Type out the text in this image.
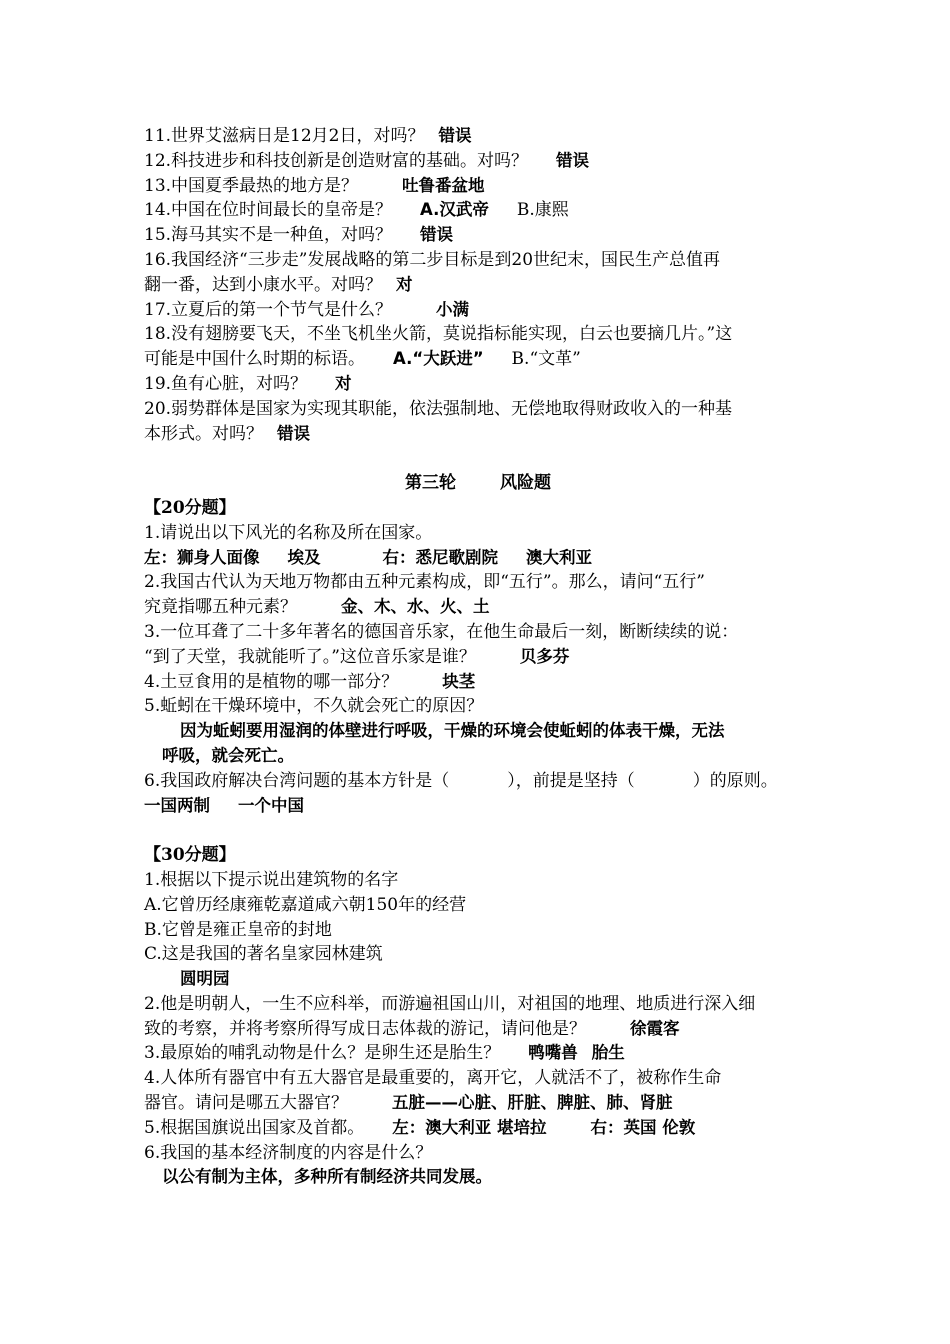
11.世界艾滋病日是12月2日，对吗？ 错误
12.科技进步和科技创新是创造财富的基础。对吗？ 错误
13.中国夏季最热的地方是？	吐鲁番盆地
14.中国在位时间最长的皇帝是？ A.汉武帝 B.康熙
15.海马其实不是一种鱼，对吗？ 错误
16.我国经济“三步走”发展战略的第二步目标是到20世纪末，国民生产总值再
翻一番，达到小康水平。对吗？ 对
17.立夏后的第一个节气是什么？	小满
18.没有翅膀要飞天，不坐飞机坐火箭，莫说指标能实现，白云也要摘几片。”这
可能是中国什么时期的标语。 A.“大跃进” B.“文革”
19.鱼有心脏，对吗？ 对
20.弱势群体是国家为实现其职能，依法强制地、无偿地取得财政收入的一种基
本形式。对吗？ 错误
第三轮	风险题
【20分题】
1.请说出以下风光的名称及所在国家。
左：狮身人面像 埃及	右：悉尼歌剧院 澳大利亚
2.我国古代认为天地万物都由五种元素构成，即“五行”。那么，请问“五行”
究竟指哪五种元素？	金、木、水、火、土
3.一位耳聋了二十多年著名的德国音乐家，在他生命最后一刻，断断续续的说：
“到了天堂，我就能听了。”这位音乐家是谁？	贝多芬
4.土豆食用的是植物的哪一部分？	块茎
5.蚯蚓在干燥环境中，不久就会死亡的原因？
因为蚯蚓要用湿润的体壁进行呼吸，干燥的环境会使蚯蚓的体表干燥，无法
呼吸，就会死亡。
6.我国政府解决台湾问题的基本方针是（	），前提是坚持（	）的原则。
一国两制 一个中国
【30分题】
1.根据以下提示说出建筑物的名字
A.它曾历经康雍乾嘉道咸六朝150年的经营
B.它曾是雍正皇帝的封地
C.这是我国的著名皇家园林建筑
圆明园
2.他是明朝人，一生不应科举，而游遍祖国山川，对祖国的地理、地质进行深入细
致的考察，并将考察所得写成日志体裁的游记，请问他是？	徐霞客
3.最原始的哺乳动物是什么？是卵生还是胎生？ 鸭嘴兽 胎生
4.人体所有器官中有五大器官是最重要的，离开它，人就活不了，被称作生命
器官。请问是哪五大器官？	五脏——心脏、肝脏、脾脏、肺、肾脏
5.根据国旗说出国家及首都。 左：澳大利亚 堪培拉	右：英国 伦敦
6.我国的基本经济制度的内容是什么？
以公有制为主体，多种所有制经济共同发展。
